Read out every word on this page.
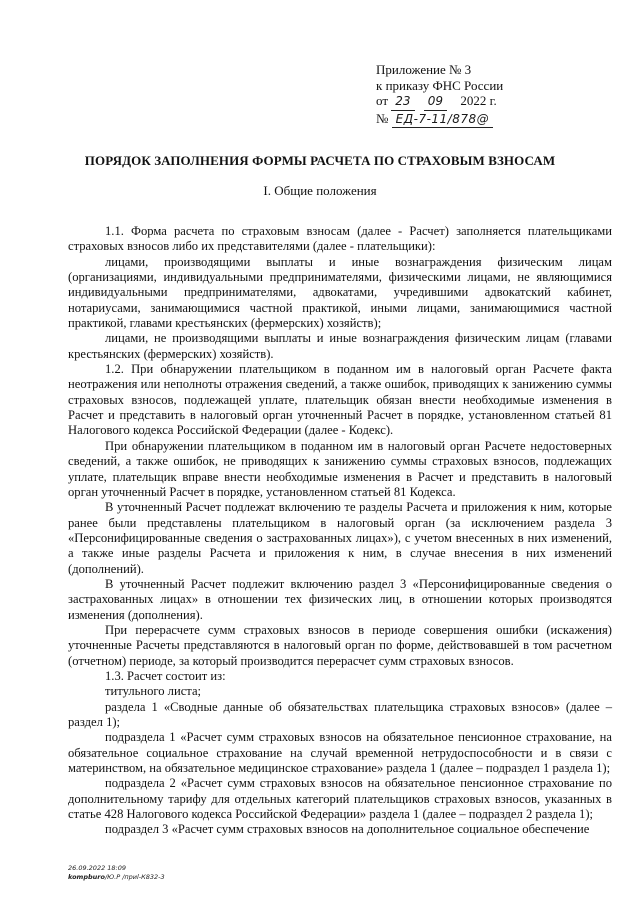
Приложение № 3
к приказу ФНС России
от 23 09 2022 г.
№ ЕД-7-11/878@
ПОРЯДОК ЗАПОЛНЕНИЯ ФОРМЫ РАСЧЕТА ПО СТРАХОВЫМ ВЗНОСАМ
I. Общие положения

1.1. Форма расчета по страховым взносам (далее - Расчет) заполняется плательщиками страховых взносов либо их представителями (далее - плательщики):

лицами, производящими выплаты и иные вознаграждения физическим лицам (организациями, индивидуальными предпринимателями, физическими лицами, не являющимися индивидуальными предпринимателями, адвокатами, учредившими адвокатский кабинет, нотариусами, занимающимися частной практикой, иными лицами, занимающимися частной практикой, главами крестьянских (фермерских) хозяйств);

лицами, не производящими выплаты и иные вознаграждения физическим лицам (главами крестьянских (фермерских) хозяйств).

1.2. При обнаружении плательщиком в поданном им в налоговый орган Расчете факта неотражения или неполноты отражения сведений, а также ошибок, приводящих к занижению суммы страховых взносов, подлежащей уплате, плательщик обязан внести необходимые изменения в Расчет и представить в налоговый орган уточненный Расчет в порядке, установленном статьей 81 Налогового кодекса Российской Федерации (далее - Кодекс).

При обнаружении плательщиком в поданном им в налоговый орган Расчете недостоверных сведений, а также ошибок, не приводящих к занижению суммы страховых взносов, подлежащих уплате, плательщик вправе внести необходимые изменения в Расчет и представить в налоговый орган уточненный Расчет в порядке, установленном статьей 81 Кодекса.

В уточненный Расчет подлежат включению те разделы Расчета и приложения к ним, которые ранее были представлены плательщиком в налоговый орган (за исключением раздела 3 «Персонифицированные сведения о застрахованных лицах»), с учетом внесенных в них изменений, а также иные разделы Расчета и приложения к ним, в случае внесения в них изменений (дополнений).

В уточненный Расчет подлежит включению раздел 3 «Персонифицированные сведения о застрахованных лицах» в отношении тех физических лиц, в отношении которых производятся изменения (дополнения).

При перерасчете сумм страховых взносов в периоде совершения ошибки (искажения) уточненные Расчеты представляются в налоговый орган по форме, действовавшей в том расчетном (отчетном) периоде, за который производится перерасчет сумм страховых взносов.

1.3. Расчет состоит из:

титульного листа;

раздела 1 «Сводные данные об обязательствах плательщика страховых взносов» (далее – раздел 1);

подраздела 1 «Расчет сумм страховых взносов на обязательное пенсионное страхование, на обязательное социальное страхование на случай временной нетрудоспособности и в связи с материнством, на обязательное медицинское страхование» раздела 1 (далее – подраздел 1 раздела 1);

подраздела 2 «Расчет сумм страховых взносов на обязательное пенсионное страхование по дополнительному тарифу для отдельных категорий плательщиков страховых взносов, указанных в статье 428 Налогового кодекса Российской Федерации» раздела 1 (далее – подраздел 2 раздела 1);

подраздел 3 «Расчет сумм страховых взносов на дополнительное социальное обеспечение

26.09.2022 18:09
kompburo/Ю.Р /приl-К832-3
